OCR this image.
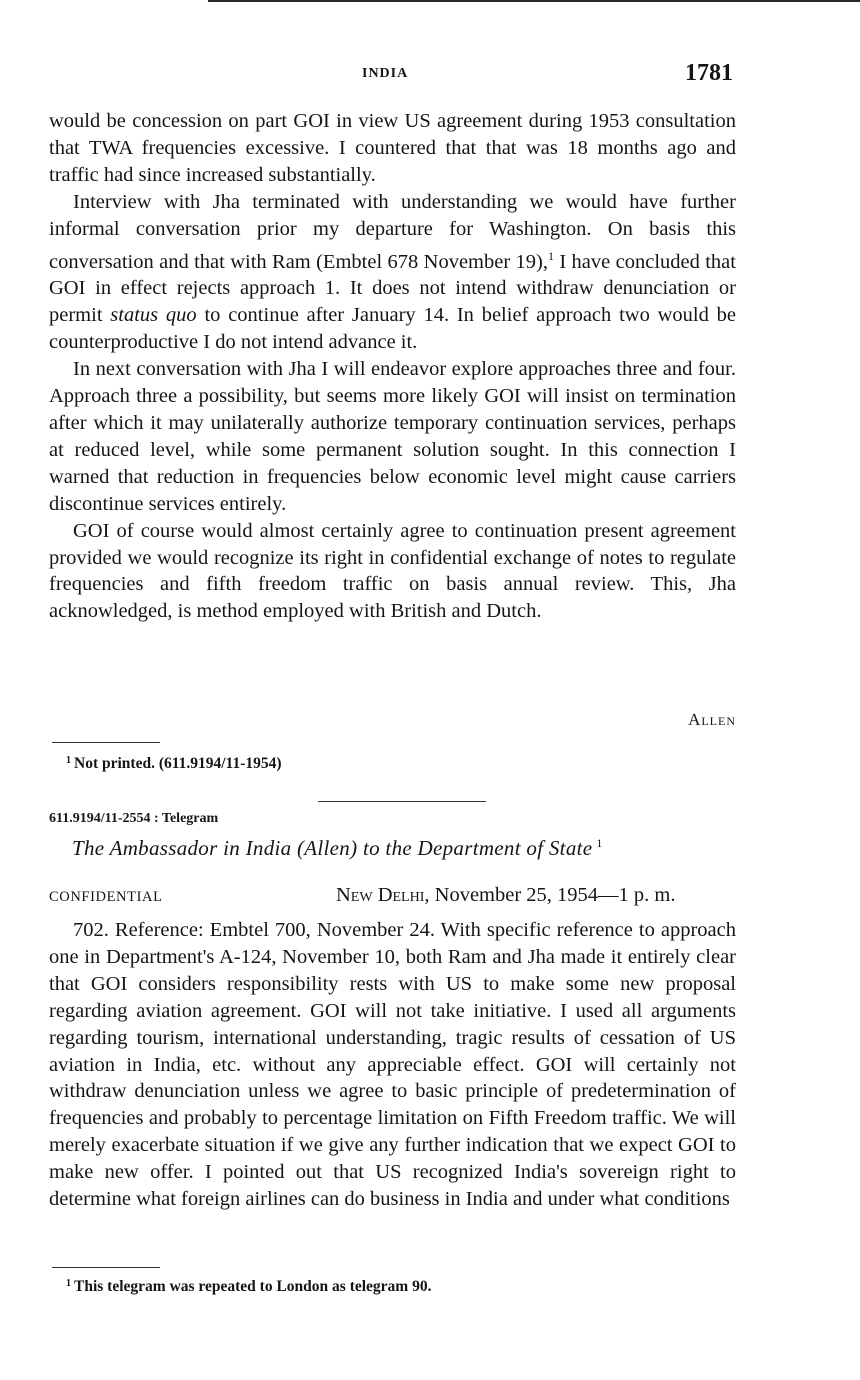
INDIA	1781

would be concession on part GOI in view US agreement during 1953 consultation that TWA frequencies excessive. I countered that that was 18 months ago and traffic had since increased substantially.

Interview with Jha terminated with understanding we would have further informal conversation prior my departure for Washington. On basis this conversation and that with Ram (Embtel 678 November 19),$^1$ I have concluded that GOI in effect rejects approach 1. It does not intend withdraw denunciation or permit status quo to continue after January 14. In belief approach two would be counterproductive I do not intend advance it.

In next conversation with Jha I will endeavor explore approaches three and four. Approach three a possibility, but seems more likely GOI will insist on termination after which it may unilaterally authorize temporary continuation services, perhaps at reduced level, while some permanent solution sought. In this connection I warned that reduction in frequencies below economic level might cause carriers discontinue services entirely.

GOI of course would almost certainly agree to continuation present agreement provided we would recognize its right in confidential exchange of notes to regulate frequencies and fifth freedom traffic on basis annual review. This, Jha acknowledged, is method employed with British and Dutch.

Allen
$^1$ Not printed. (611.9194/11-1954)
611.9194/11-2554 : Telegram
The Ambassador in India (Allen) to the Department of State $^1$
CONFIDENTIAL	New Delhi, November 25, 1954—1 p. m.

702. Reference: Embtel 700, November 24. With specific reference to approach one in Department's A-124, November 10, both Ram and Jha made it entirely clear that GOI considers responsibility rests with US to make some new proposal regarding aviation agreement. GOI will not take initiative. I used all arguments regarding tourism, international understanding, tragic results of cessation of US aviation in India, etc. without any appreciable effect. GOI will certainly not withdraw denunciation unless we agree to basic principle of predetermination of frequencies and probably to percentage limitation on Fifth Freedom traffic. We will merely exacerbate situation if we give any further indication that we expect GOI to make new offer. I pointed out that US recognized India's sovereign right to determine what foreign airlines can do business in India and under what conditions

$^1$ This telegram was repeated to London as telegram 90.
